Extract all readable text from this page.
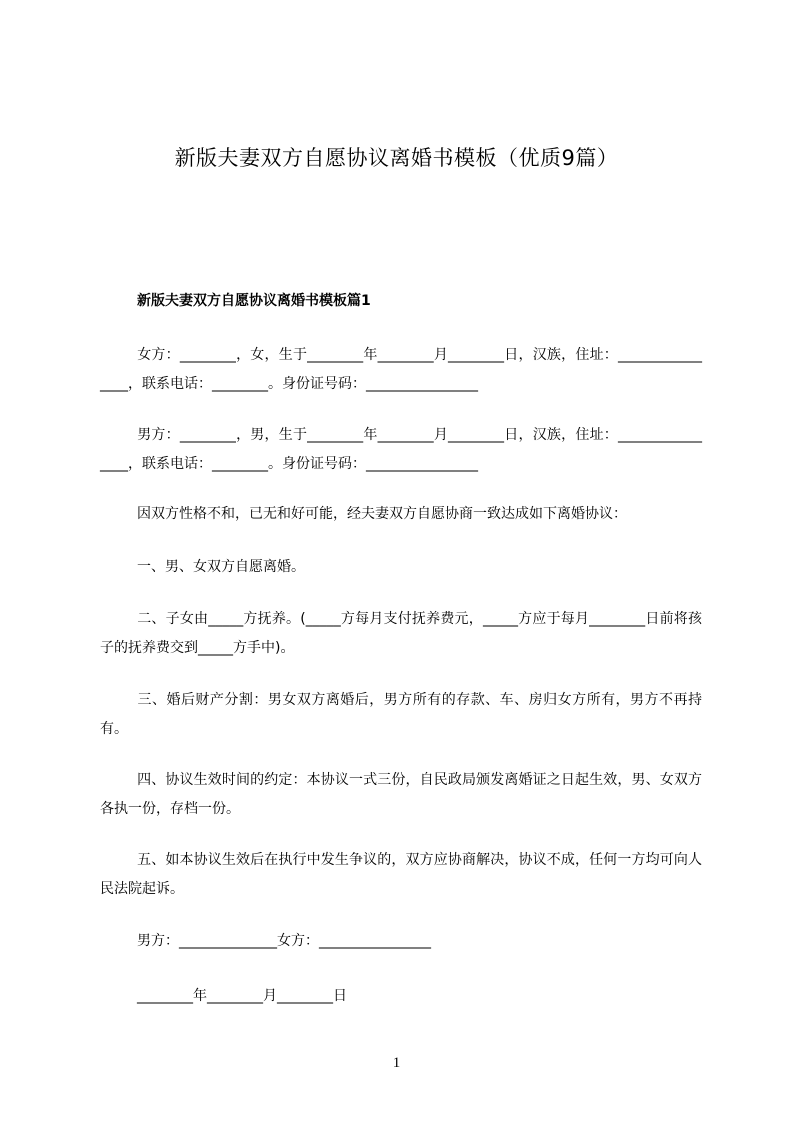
新版夫妻双方自愿协议离婚书模板（优质9篇）
新版夫妻双方自愿协议离婚书模板篇1
女方：________，女，生于________年________月________日，汉族，住址：________________，联系电话：________。身份证号码：________________
男方：________，男，生于________年________月________日，汉族，住址：________________，联系电话：________。身份证号码：________________
因双方性格不和，已无和好可能，经夫妻双方自愿协商一致达成如下离婚协议：
一、男、女双方自愿离婚。
二、子女由_____方抚养。(_____方每月支付抚养费元，_____方应于每月________日前将孩子的抚养费交到_____方手中)。
三、婚后财产分割：男女双方离婚后，男方所有的存款、车、房归女方所有，男方不再持有。
四、协议生效时间的约定：本协议一式三份，自民政局颁发离婚证之日起生效，男、女双方各执一份，存档一份。
五、如本协议生效后在执行中发生争议的，双方应协商解决，协议不成，任何一方均可向人民法院起诉。
男方：______________女方：________________
________年________月________日
1
